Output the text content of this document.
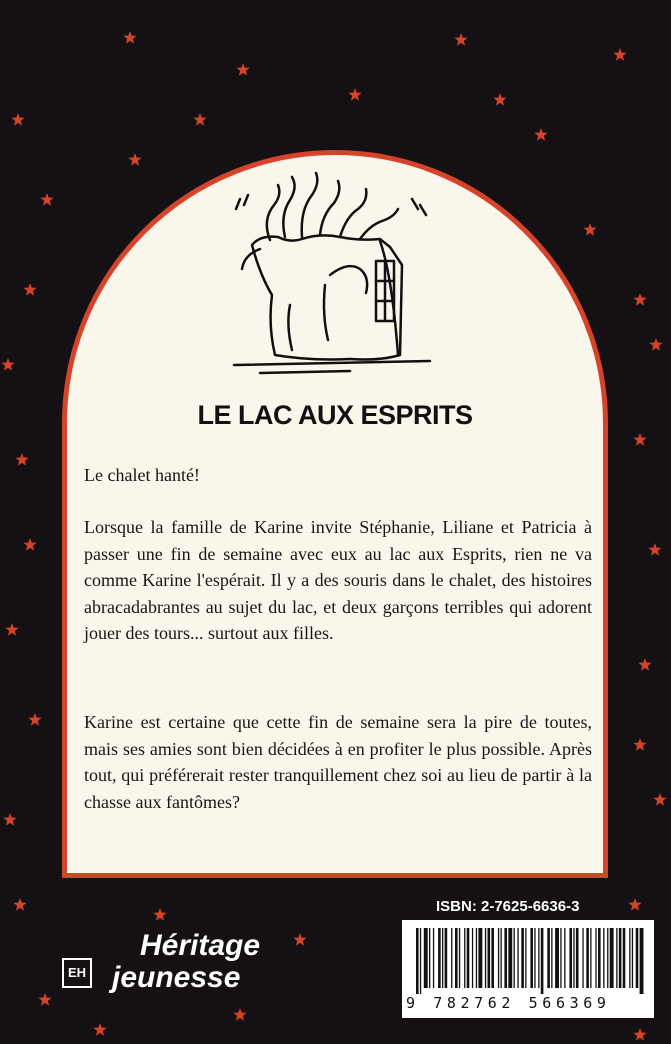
LE LAC AUX ESPRITS

Le chalet hanté!

Lorsque la famille de Karine invite Stéphanie, Liliane et Patricia à passer une fin de semaine avec eux au lac aux Esprits, rien ne va comme Karine l'espérait. Il y a des souris dans le chalet, des histoires abracadabrantes au sujet du lac, et deux garçons terribles qui adorent jouer des tours... surtout aux filles.

Karine est certaine que cette fin de semaine sera la pire de toutes, mais ses amies sont bien décidées à en profiter le plus possible. Après tout, qui préférerait rester tranquillement chez soi au lieu de partir à la chasse aux fantômes?

ISBN: 2-7625-6636-3

9 782762 566369

EH

Héritage
jeunesse
